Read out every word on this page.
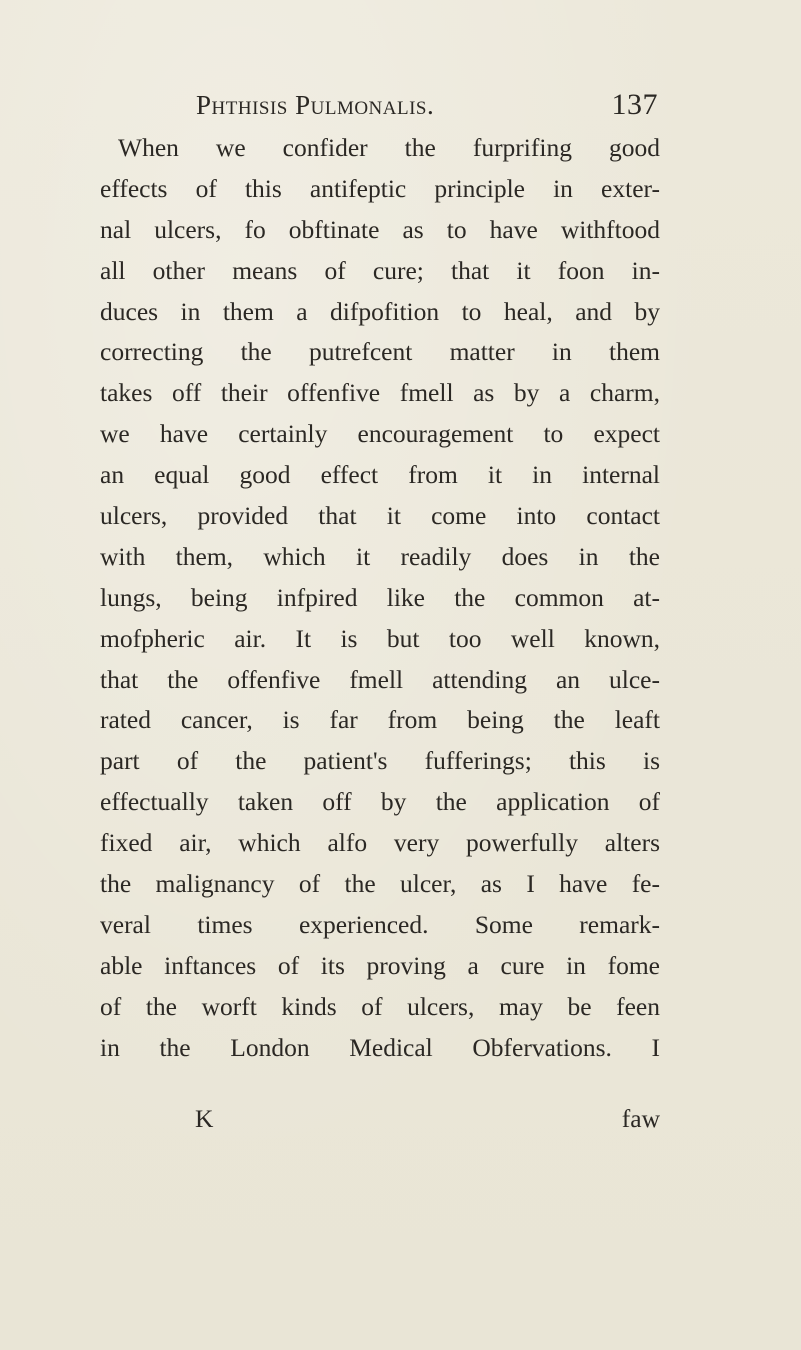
Phthisis Pulmonalis.	137
When we confider the furprifing good
effects of this antifeptic principle in exter-
nal ulcers, fo obftinate as to have withftood
all other means of cure; that it foon in-
duces in them a difpofition to heal, and by
correcting the putrefcent matter in them
takes off their offenfive fmell as by a charm,
we have certainly encouragement to expect
an equal good effect from it in internal
ulcers, provided that it come into contact
with them, which it readily does in the
lungs, being infpired like the common at-
mofpheric air. It is but too well known,
that the offenfive fmell attending an ulce-
rated cancer, is far from being the leaft
part of the patient's fufferings; this is
effectually taken off by the application of
fixed air, which alfo very powerfully alters
the malignancy of the ulcer, as I have fe-
veral times experienced. Some remark-
able inftances of its proving a cure in fome
of the worft kinds of ulcers, may be feen
in the London Medical Obfervations. I
K	faw
